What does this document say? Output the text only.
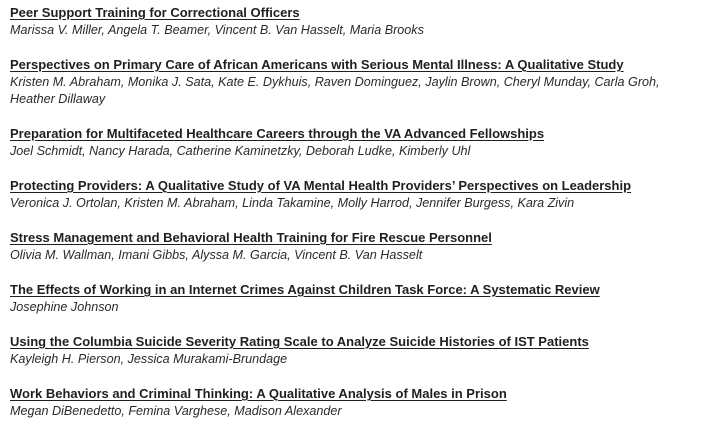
Peer Support Training for Correctional Officers
Marissa V. Miller, Angela T. Beamer, Vincent B. Van Hasselt, Maria Brooks
Perspectives on Primary Care of African Americans with Serious Mental Illness: A Qualitative Study
Kristen M. Abraham, Monika J. Sata, Kate E. Dykhuis, Raven Dominguez, Jaylin Brown, Cheryl Munday, Carla Groh, Heather Dillaway
Preparation for Multifaceted Healthcare Careers through the VA Advanced Fellowships
Joel Schmidt, Nancy Harada, Catherine Kaminetzky, Deborah Ludke, Kimberly Uhl
Protecting Providers: A Qualitative Study of VA Mental Health Providers’ Perspectives on Leadership
Veronica J. Ortolan, Kristen M. Abraham, Linda Takamine, Molly Harrod, Jennifer Burgess, Kara Zivin
Stress Management and Behavioral Health Training for Fire Rescue Personnel
Olivia M. Wallman, Imani Gibbs, Alyssa M. Garcia, Vincent B. Van Hasselt
The Effects of Working in an Internet Crimes Against Children Task Force: A Systematic Review
Josephine Johnson
Using the Columbia Suicide Severity Rating Scale to Analyze Suicide Histories of IST Patients
Kayleigh H. Pierson, Jessica Murakami-Brundage
Work Behaviors and Criminal Thinking: A Qualitative Analysis of Males in Prison
Megan DiBenedetto, Femina Varghese, Madison Alexander
